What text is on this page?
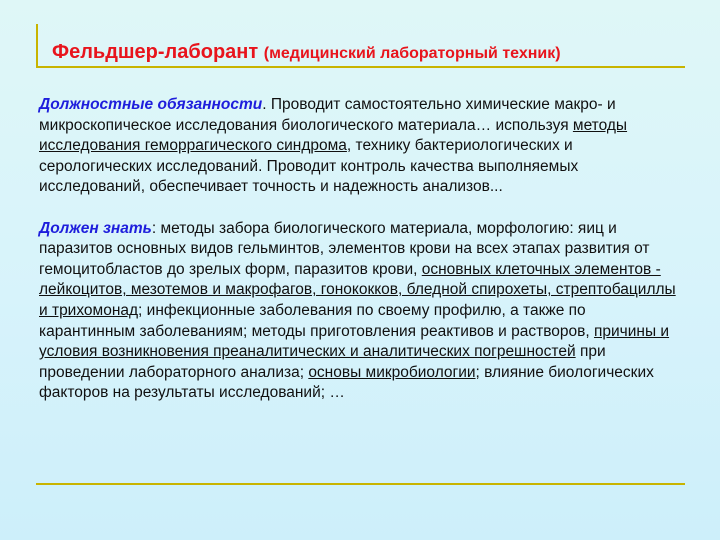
Фельдшер-лаборант (медицинский лабораторный техник)

Должностные обязанности. Проводит самостоятельно химические макро- и микроскопическое исследования биологического материала… используя методы исследования геморрагического синдрома, технику бактериологических и серологических исследований. Проводит контроль качества выполняемых исследований, обеспечивает точность и надежность анализов...

Должен знать: методы забора биологического материала, морфологию: яиц и паразитов основных видов гельминтов, элементов крови на всех этапах развития от гемоцитобластов до зрелых форм, паразитов крови, основных клеточных элементов - лейкоцитов, мезотемов и макрофагов, гонококков, бледной спирохеты, стрептобациллы и трихомонад; инфекционные заболевания по своему профилю, а также по карантинным заболеваниям; методы приготовления реактивов и растворов, причины и условия возникновения преаналитических и аналитических погрешностей при проведении лабораторного анализа; основы микробиологии; влияние биологических факторов на результаты исследований; …
